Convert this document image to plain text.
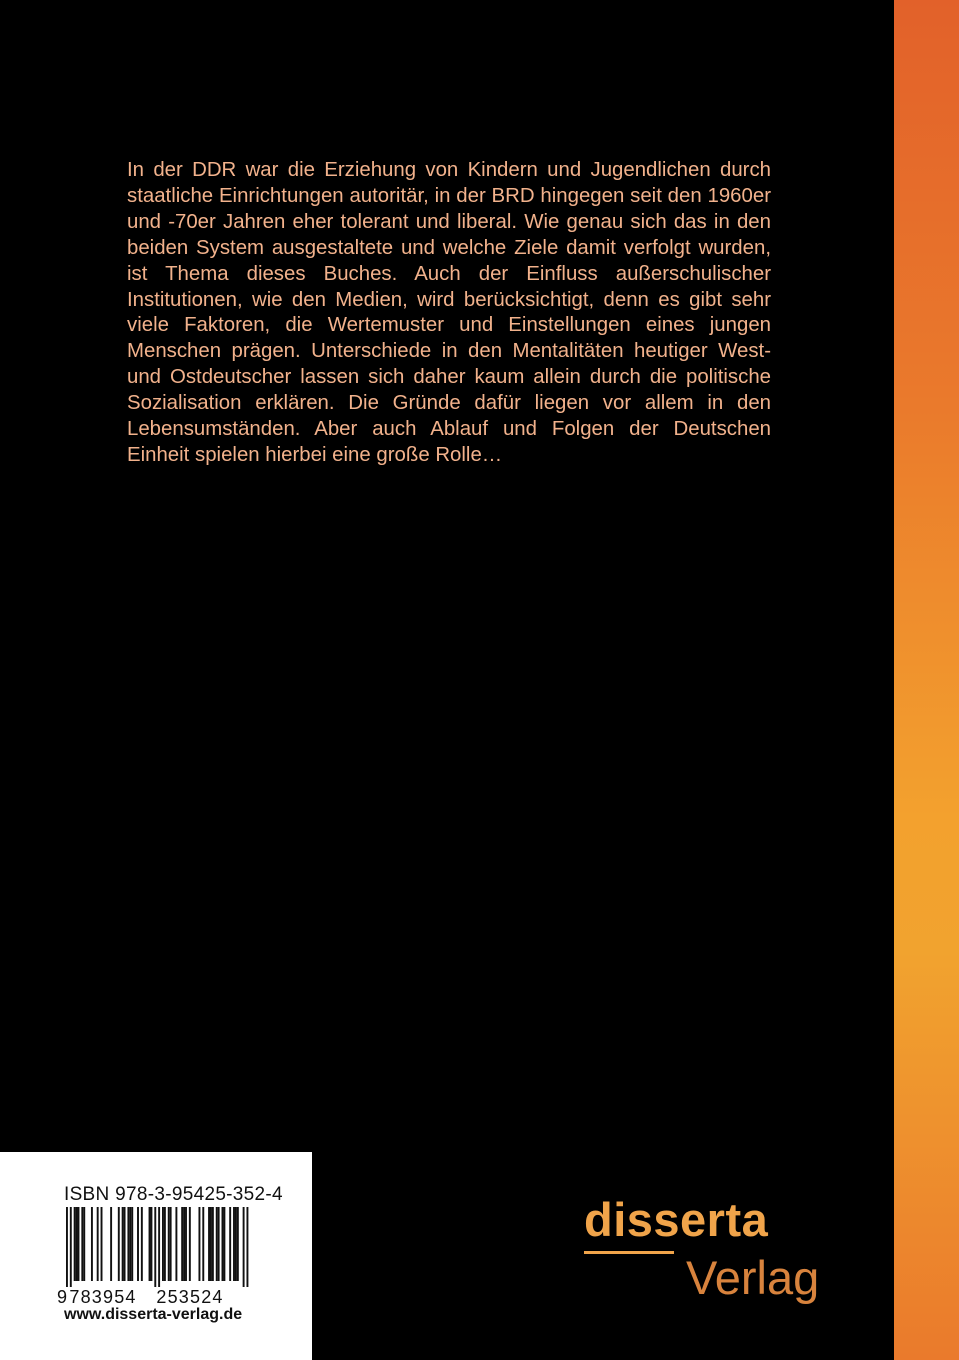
In der DDR war die Erziehung von Kindern und Jugendlichen durch staatliche Einrichtungen autoritär, in der BRD hingegen seit den 1960er und -70er Jahren eher tolerant und liberal. Wie genau sich das in den beiden System ausgestaltete und welche Ziele damit verfolgt wurden, ist Thema dieses Buches. Auch der Einfluss außerschulischer Institutionen, wie den Medien, wird berücksichtigt, denn es gibt sehr viele Faktoren, die Wertemuster und Einstellungen eines jungen Menschen prägen. Unterschiede in den Mentalitäten heutiger West- und Ostdeutscher lassen sich daher kaum allein durch die politische Sozialisation erklären. Die Gründe dafür liegen vor allem in den Lebensumständen. Aber auch Ablauf und Folgen der Deutschen Einheit spielen hierbei eine große Rolle…

ISBN 978-3-95425-352-4
9 783954 253524
www.disserta-verlag.de
disserta
Verlag
